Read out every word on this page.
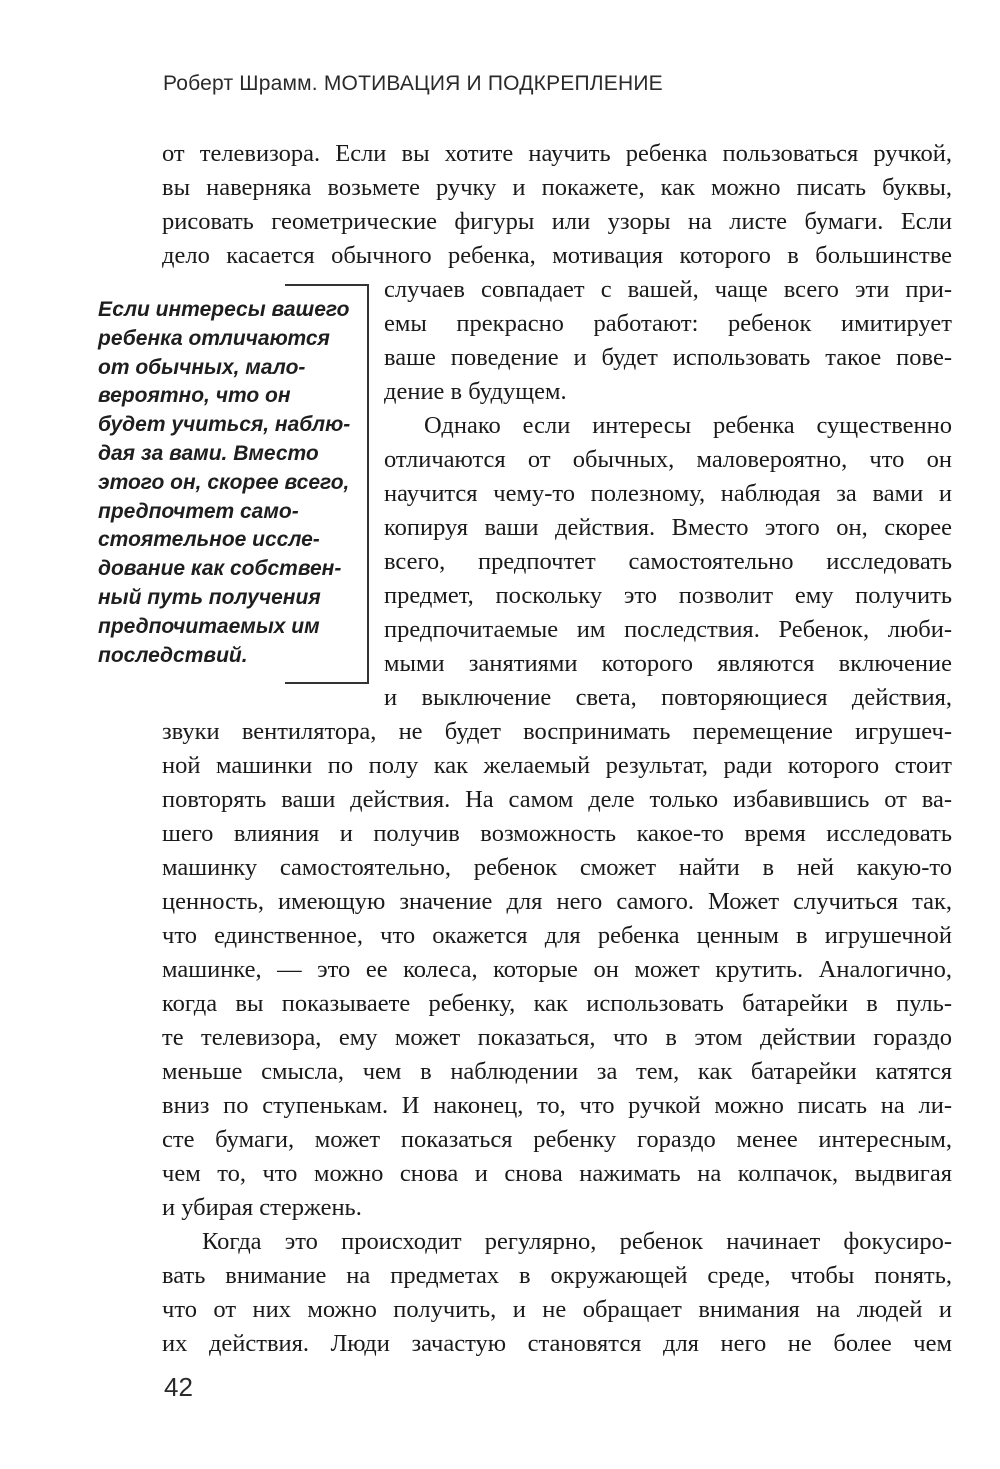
Роберт Шрамм. МОТИВАЦИЯ И ПОДКРЕПЛЕНИЕ
Если интересы вашего
ребенка отличаются
от обычных, мало-
вероятно, что он
будет учиться, наблю-
дая за вами. Вместо
этого он, скорее всего,
предпочтет само-
стоятельное иссле-
дование как собствен-
ный путь получения
предпочитаемых им
последствий.
от телевизора. Если вы хотите научить ребенка пользоваться ручкой,
вы наверняка возьмете ручку и покажете, как можно писать буквы,
рисовать геометрические фигуры или узоры на листе бумаги. Если
дело касается обычного ребенка, мотивация которого в большинстве
случаев совпадает с вашей, чаще всего эти при-
емы прекрасно работают: ребенок имитирует
ваше поведение и будет использовать такое пове-
дение в будущем.
Однако если интересы ребенка существенно
отличаются от обычных, маловероятно, что он
научится чему-то полезному, наблюдая за вами и
копируя ваши действия. Вместо этого он, скорее
всего, предпочтет самостоятельно исследовать
предмет, поскольку это позволит ему получить
предпочитаемые им последствия. Ребенок, люби-
мыми занятиями которого являются включение
и выключение света, повторяющиеся действия,
звуки вентилятора, не будет воспринимать перемещение игрушеч-
ной машинки по полу как желаемый результат, ради которого стоит
повторять ваши действия. На самом деле только избавившись от ва-
шего влияния и получив возможность какое-то время исследовать
машинку самостоятельно, ребенок сможет найти в ней какую-то
ценность, имеющую значение для него самого. Может случиться так,
что единственное, что окажется для ребенка ценным в игрушечной
машинке, — это ее колеса, которые он может крутить. Аналогично,
когда вы показываете ребенку, как использовать батарейки в пуль-
те телевизора, ему может показаться, что в этом действии гораздо
меньше смысла, чем в наблюдении за тем, как батарейки катятся
вниз по ступенькам. И наконец, то, что ручкой можно писать на ли-
сте бумаги, может показаться ребенку гораздо менее интересным,
чем то, что можно снова и снова нажимать на колпачок, выдвигая
и убирая стержень.
Когда это происходит регулярно, ребенок начинает фокусиро-
вать внимание на предметах в окружающей среде, чтобы понять,
что от них можно получить, и не обращает внимания на людей и
их действия. Люди зачастую становятся для него не более чем
42
